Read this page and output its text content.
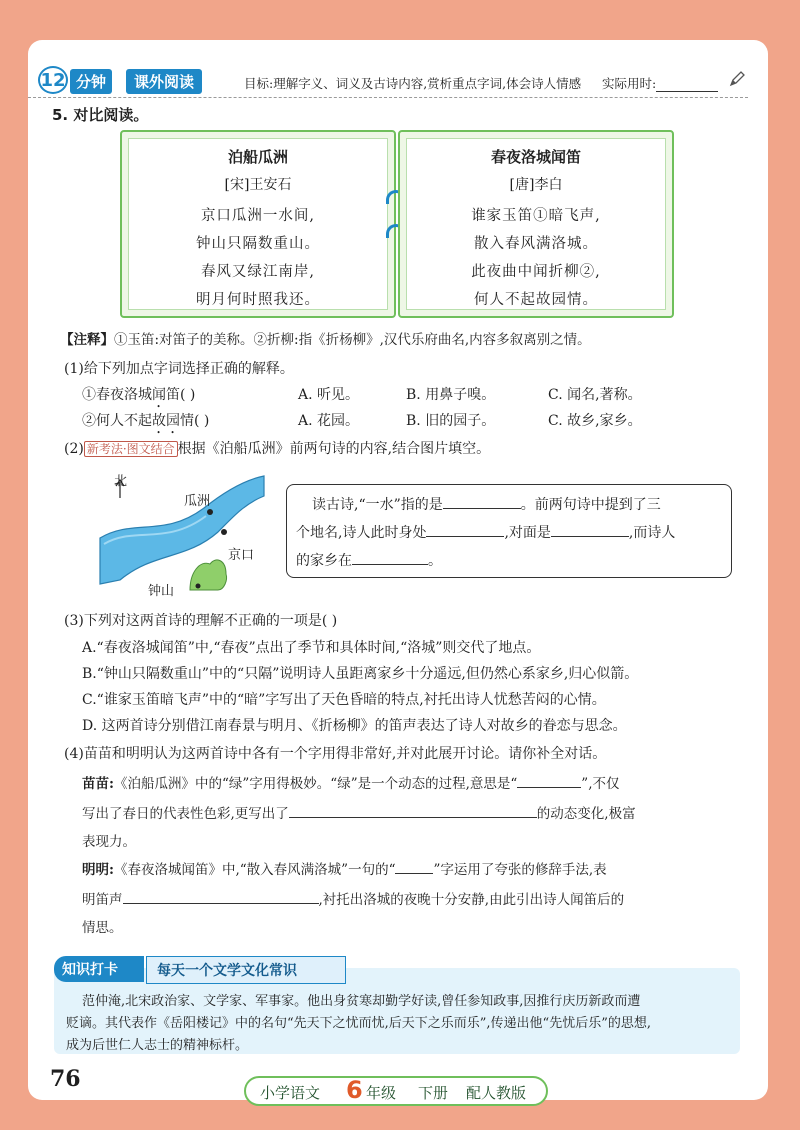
12 分钟	课外阅读	目标:理解字义、词义及古诗内容,赏析重点字词,体会诗人情感 实际用时:
5. 对比阅读。
泊船瓜洲
[宋]王安石
京口瓜洲一水间,
钟山只隔数重山。
春风又绿江南岸,
明月何时照我还。
春夜洛城闻笛
[唐]李白
谁家玉笛①暗飞声,
散入春风满洛城。
此夜曲中闻折柳②,
何人不起故园情。
【注释】①玉笛:对笛子的美称。②折柳:指《折杨柳》,汉代乐府曲名,内容多叙离别之情。
(1)给下列加点字词选择正确的解释。
①春夜洛城闻笛( )	A. 听见。	B. 用鼻子嗅。	C. 闻名,著称。
②何人不起故园情( )	A. 花园。	B. 旧的园子。	C. 故乡,家乡。
(2) 新考法·图文结合 根据《泊船瓜洲》前两句诗的内容,结合图片填空。
北
瓜洲
京口
钟山
读古诗,“一水”指的是	。前两句诗中提到了三
个地名,诗人此时身处	,对面是	,而诗人
的家乡在	。
(3)下列对这两首诗的理解不正确的一项是( )
A.“春夜洛城闻笛”中,“春夜”点出了季节和具体时间,“洛城”则交代了地点。
B.“钟山只隔数重山”中的“只隔”说明诗人虽距离家乡十分遥远,但仍然心系家乡,归心似箭。
C.“谁家玉笛暗飞声”中的“暗”字写出了天色昏暗的特点,衬托出诗人忧愁苦闷的心情。
D. 这两首诗分别借江南春景与明月、《折杨柳》的笛声表达了诗人对故乡的眷恋与思念。
(4)苗苗和明明认为这两首诗中各有一个字用得非常好,并对此展开讨论。请你补全对话。
苗苗:《泊船瓜洲》中的“绿”字用得极妙。“绿”是一个动态的过程,意思是“	”,不仅
写出了春日的代表性色彩,更写出了	的动态变化,极富
表现力。
明明:《春夜洛城闻笛》中,“散入春风满洛城”一句的“	”字运用了夸张的修辞手法,表
明笛声	,衬托出洛城的夜晚十分安静,由此引出诗人闻笛后的
情思。
知识打卡	每天一个文学文化常识
范仲淹,北宋政治家、文学家、军事家。他出身贫寒却勤学好读,曾任参知政事,因推行庆历新政而遭
贬谪。其代表作《岳阳楼记》中的名句“先天下之忧而忧,后天下之乐而乐”,传递出他“先忧后乐”的思想,
成为后世仁人志士的精神标杆。
76
小学语文 6 年级 下册 配人教版
